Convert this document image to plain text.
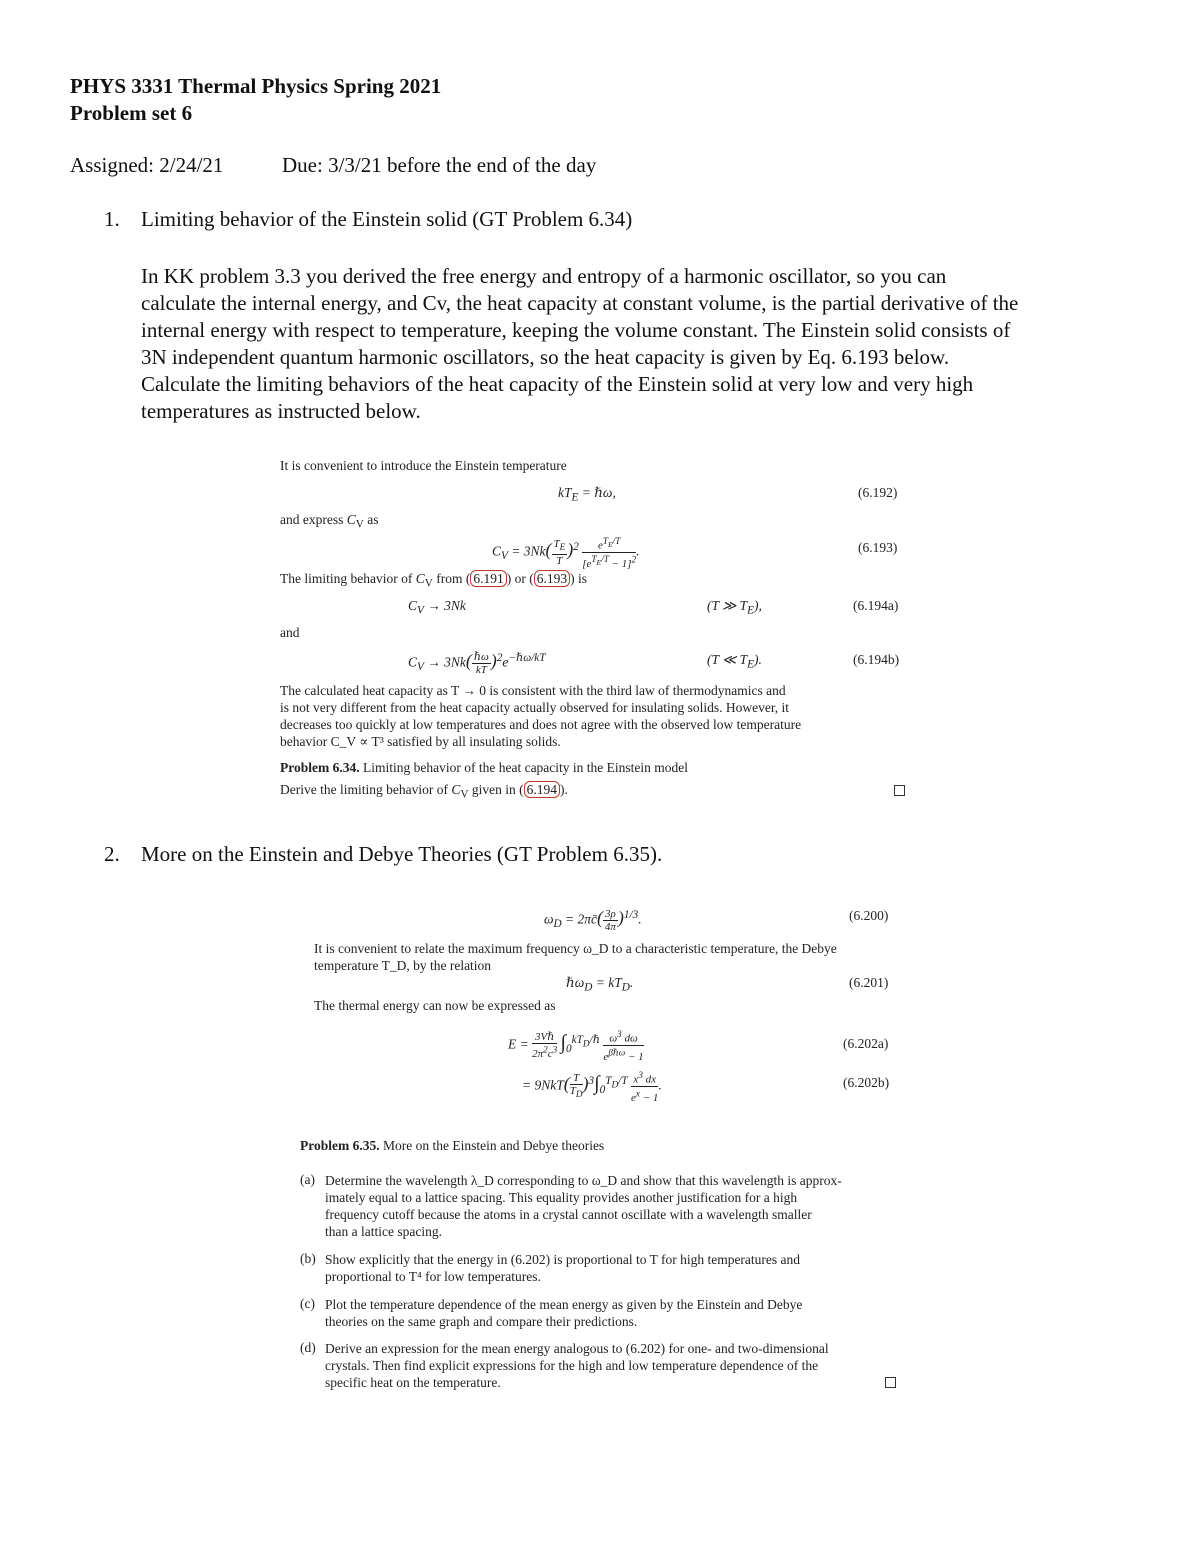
PHYS 3331 Thermal Physics Spring 2021
Problem set 6
Assigned: 2/24/21	Due: 3/3/21 before the end of the day
1. Limiting behavior of the Einstein solid (GT Problem 6.34)
In KK problem 3.3 you derived the free energy and entropy of a harmonic oscillator, so you can
calculate the internal energy, and Cv, the heat capacity at constant volume, is the partial derivative of the
internal energy with respect to temperature, keeping the volume constant. The Einstein solid consists of
3N independent quantum harmonic oscillators, so the heat capacity is given by Eq. 6.193 below.
Calculate the limiting behaviors of the heat capacity of the Einstein solid at very low and very high
temperatures as instructed below.
It is convenient to introduce the Einstein temperature
$kT_E$ = ℏω,	(6.192)
and express $C_V$ as
$C_V = 3Nk( \frac{T_E}{T})^2 \frac{e^{T_E/T}}{[e^{T_E/T} - 1]^2}$.	(6.193)
The limiting behavior of $C_V$ from ( 6.191 ) or ( 6.193 ) is
$C_V \to 3Nk$	(T ≫ $T_E$),	(6.194a)
and
$C_V \to 3Nk( \frac{\text{ℏω}}{kT})^2e^{-\hbar\omega/kT}$	(T ≪ $T_E$).	(6.194b)
The calculated heat capacity as T → 0 is consistent with the third law of thermodynamics and
is not very different from the heat capacity actually observed for insulating solids. However, it
decreases too quickly at low temperatures and does not agree with the observed low temperature
behavior C_V ∝ T³ satisfied by all insulating solids.
Problem 6.34. Limiting behavior of the heat capacity in the Einstein model
Derive the limiting behavior of $C_V$ given in ( 6.194 ).
2. More on the Einstein and Debye Theories (GT Problem 6.35).
$\omega_D$ = 2πc̄( $\frac{3\rho}{4\pi})^{1/3}$.	(6.200)
It is convenient to relate the maximum frequency ω_D to a characteristic temperature, the Debye
temperature T_D, by the relation
ℏω$_D$ = $kT_D$.	(6.201)
The thermal energy can now be expressed as
$E = \frac{\text{3Vℏ}}{2\pi^2c^3} \int_0^{kT_D/\hbar} \frac{\omega^3 d\omega}{e^{\beta\hbar\omega} - 1}$	(6.202a)
= $9NkT( \frac{T}{T_D})^3\int_0^{T_D/T} \frac{x^3 dx}{e^x - 1}$.	(6.202b)
Problem 6.35. More on the Einstein and Debye theories
(a) Determine the wavelength λ_D corresponding to ω_D and show that this wavelength is approx-
imately equal to a lattice spacing. This equality provides another justification for a high
frequency cutoff because the atoms in a crystal cannot oscillate with a wavelength smaller
than a lattice spacing.
(b) Show explicitly that the energy in (6.202) is proportional to T for high temperatures and
proportional to T⁴ for low temperatures.
(c) Plot the temperature dependence of the mean energy as given by the Einstein and Debye
theories on the same graph and compare their predictions.
(d) Derive an expression for the mean energy analogous to (6.202) for one- and two-dimensional
crystals. Then find explicit expressions for the high and low temperature dependence of the
specific heat on the temperature.
